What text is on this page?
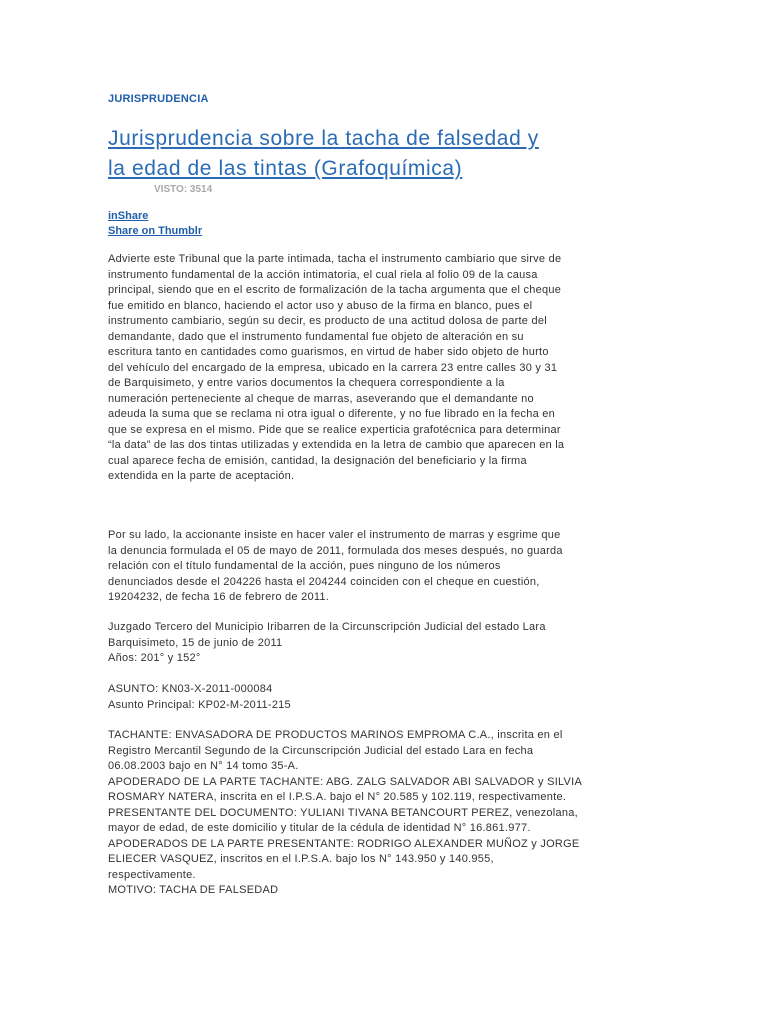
JURISPRUDENCIA
Jurisprudencia sobre la tacha de falsedad y
la edad de las tintas (Grafoquímica)
VISTO: 3514
inShare
Share on Thumblr
Advierte este Tribunal que la parte intimada, tacha el instrumento cambiario que sirve de
instrumento fundamental de la acción intimatoria, el cual riela al folio 09 de la causa
principal, siendo que en el escrito de formalización de la tacha argumenta que el cheque
fue emitido en blanco, haciendo el actor uso y abuso de la firma en blanco, pues el
instrumento cambiario, según su decir, es producto de una actitud dolosa de parte del
demandante, dado que el instrumento fundamental fue objeto de alteración en su
escritura tanto en cantidades como guarismos, en virtud de haber sido objeto de hurto
del vehículo del encargado de la empresa, ubicado en la carrera 23 entre calles 30 y 31
de Barquisimeto, y entre varios documentos la chequera correspondiente a la
numeración perteneciente al cheque de marras, aseverando que el demandante no
adeuda la suma que se reclama ni otra igual o diferente, y no fue librado en la fecha en
que se expresa en el mismo. Pide que se realice experticia grafotécnica para determinar
“la data” de las dos tintas utilizadas y extendida en la letra de cambio que aparecen en la
cual aparece fecha de emisión, cantidad, la designación del beneficiario y la firma
extendida en la parte de aceptación.
Por su lado, la accionante insiste en hacer valer el instrumento de marras y esgrime que
la denuncia formulada el 05 de mayo de 2011, formulada dos meses después, no guarda
relación con el título fundamental de la acción, pues ninguno de los números
denunciados desde el 204226 hasta el 204244 coinciden con el cheque en cuestión,
19204232, de fecha 16 de febrero de 2011.
Juzgado Tercero del Municipio Iribarren de la Circunscripción Judicial del estado Lara
Barquisimeto, 15 de junio de 2011
Años: 201° y 152°
ASUNTO: KN03-X-2011-000084
Asunto Principal: KP02-M-2011-215
TACHANTE: ENVASADORA DE PRODUCTOS MARINOS EMPROMA C.A., inscrita en el
Registro Mercantil Segundo de la Circunscripción Judicial del estado Lara en fecha
06.08.2003 bajo en N° 14 tomo 35-A.
APODERADO DE LA PARTE TACHANTE: ABG. ZALG SALVADOR ABI SALVADOR y SILVIA
ROSMARY NATERA, inscrita en el I.P.S.A. bajo el N° 20.585 y 102.119, respectivamente.
PRESENTANTE DEL DOCUMENTO: YULIANI TIVANA BETANCOURT PEREZ, venezolana,
mayor de edad, de este domicilio y titular de la cédula de identidad N° 16.861.977.
APODERADOS DE LA PARTE PRESENTANTE: RODRIGO ALEXANDER MUÑOZ y JORGE
ELIECER VASQUEZ, inscritos en el I.P.S.A. bajo los N° 143.950 y 140.955,
respectivamente.
MOTIVO: TACHA DE FALSEDAD
